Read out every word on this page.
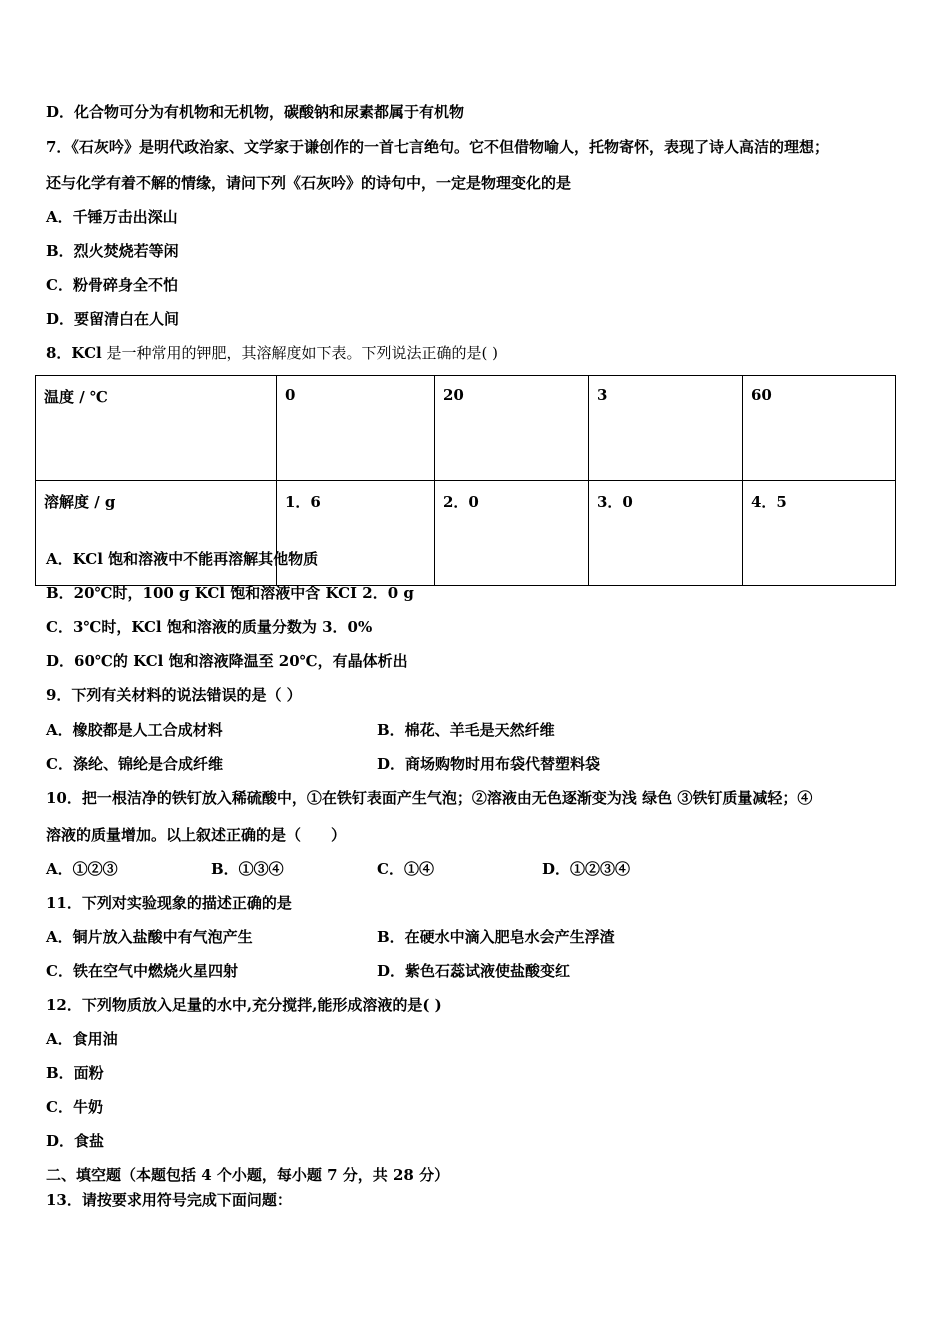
D．化合物可分为有机物和无机物，碳酸钠和尿素都属于有机物
7．《石灰吟》是明代政治家、文学家于谦创作的一首七言绝句。它不但借物喻人，托物寄怀，表现了诗人高洁的理想；
还与化学有着不解的情缘，请问下列《石灰吟》的诗句中，一定是物理变化的是
A．千锤万击出深山
B．烈火焚烧若等闲
C．粉骨碎身全不怕
D．要留清白在人间
8．KCl 是一种常用的钾肥，其溶解度如下表。下列说法正确的是( )
温度 / ℃	0	20	3	60
溶解度 / g	1．6	2．0	3．0	4．5
A．KCl 饱和溶液中不能再溶解其他物质
B．20℃时，100 g KCl 饱和溶液中含 KCI 2．0 g
C．3℃时，KCl 饱和溶液的质量分数为 3．0%
D．60℃的 KCl 饱和溶液降温至 20℃，有晶体析出
9．下列有关材料的说法错误的是（ ）
A．橡胶都是人工合成材料	B．棉花、羊毛是天然纤维
C．涤纶、锦纶是合成纤维	D．商场购物时用布袋代替塑料袋
10．把一根洁净的铁钉放入稀硫酸中，①在铁钉表面产生气泡；②溶液由无色逐渐变为浅 绿色 ③铁钉质量减轻；④
溶液的质量增加。以上叙述正确的是（　　）
A．①②③	B．①③④	C．①④	D．①②③④
11．下列对实验现象的描述正确的是
A．铜片放入盐酸中有气泡产生	B．在硬水中滴入肥皂水会产生浮渣
C．铁在空气中燃烧火星四射	D．紫色石蕊试液使盐酸变红
12．下列物质放入足量的水中,充分搅拌,能形成溶液的是( )
A．食用油
B．面粉
C．牛奶
D．食盐
二、填空题（本题包括 4 个小题，每小题 7 分，共 28 分）
13．请按要求用符号完成下面问题：
